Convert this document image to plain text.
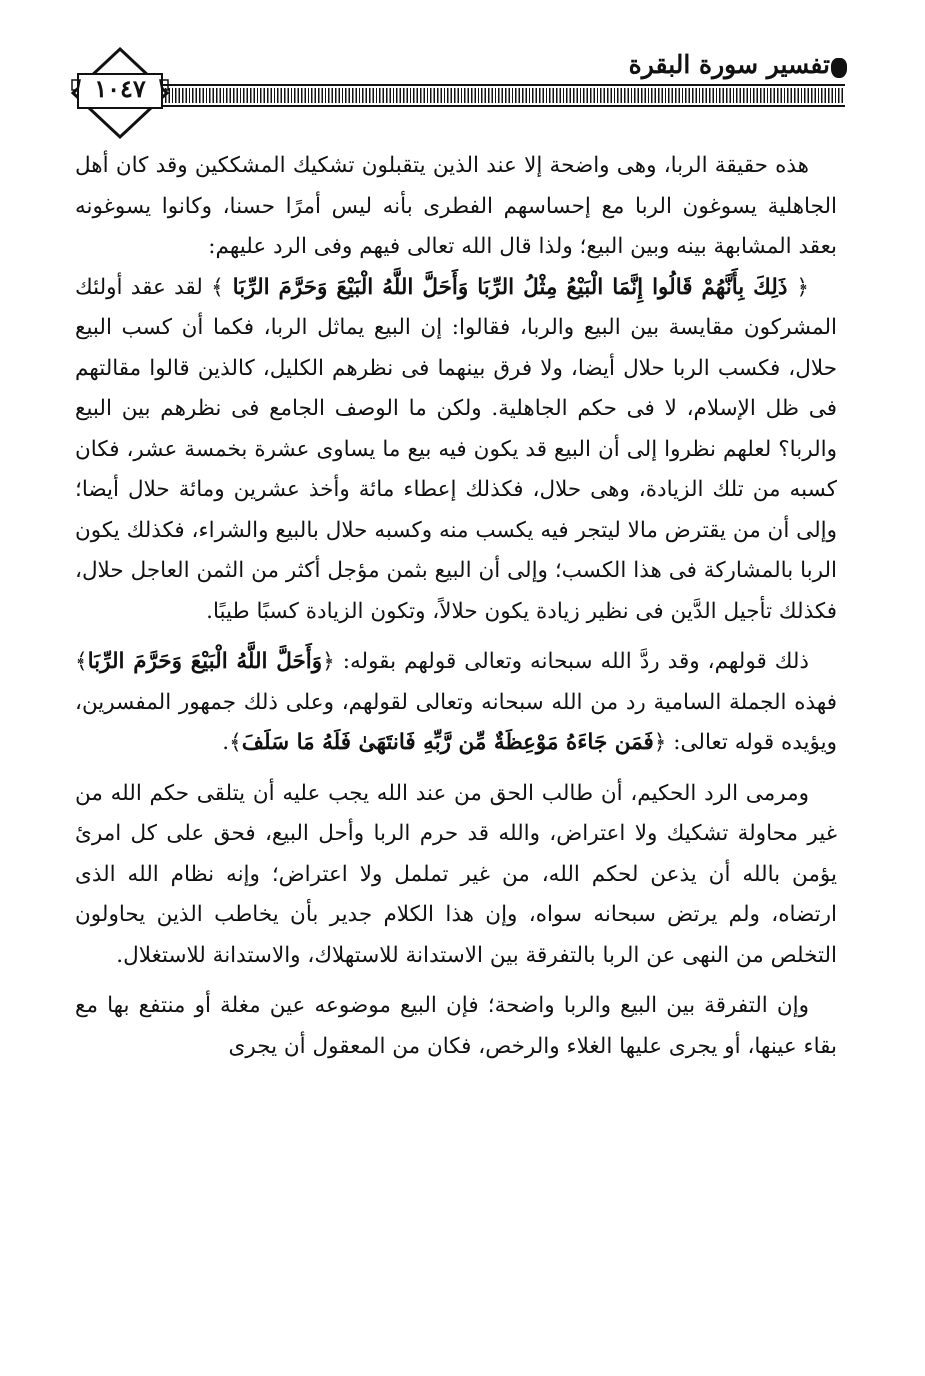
تفسير سورة البقرة
١٠٤٧

هذه حقيقة الربا، وهى واضحة إلا عند الذين يتقبلون تشكيك المشككين وقد كان أهل الجاهلية يسوغون الربا مع إحساسهم الفطرى بأنه ليس أمرًا حسنا، وكانوا يسوغونه بعقد المشابهة بينه وبين البيع؛ ولذا قال الله تعالى فيهم وفى الرد عليهم:

﴿ ذَلِكَ بِأَنَّهُمْ قَالُوا إِنَّمَا الْبَيْعُ مِثْلُ الرِّبَا وَأَحَلَّ اللَّهُ الْبَيْعَ وَحَرَّمَ الرِّبَا ﴾ لقد عقد أولئك المشركون مقايسة بين البيع والربا، فقالوا: إن البيع يماثل الربا، فكما أن كسب البيع حلال، فكسب الربا حلال أيضا، ولا فرق بينهما فى نظرهم الكليل، كالذين قالوا مقالتهم فى ظل الإسلام، لا فى حكم الجاهلية. ولكن ما الوصف الجامع فى نظرهم بين البيع والربا؟ لعلهم نظروا إلى أن البيع قد يكون فيه بيع ما يساوى عشرة بخمسة عشر، فكان كسبه من تلك الزيادة، وهى حلال، فكذلك إعطاء مائة وأخذ عشرين ومائة حلال أيضا؛ وإلى أن من يقترض مالا ليتجر فيه يكسب منه وكسبه حلال بالبيع والشراء، فكذلك يكون الربا بالمشاركة فى هذا الكسب؛ وإلى أن البيع بثمن مؤجل أكثر من الثمن العاجل حلال، فكذلك تأجيل الدَّين فى نظير زيادة يكون حلالاً، وتكون الزيادة كسبًا طيبًا.

ذلك قولهم، وقد ردَّ الله سبحانه وتعالى قولهم بقوله: ﴿وَأَحَلَّ اللَّهُ الْبَيْعَ وَحَرَّمَ الرِّبَا﴾ فهذه الجملة السامية رد من الله سبحانه وتعالى لقولهم، وعلى ذلك جمهور المفسرين، ويؤيده قوله تعالى: ﴿فَمَن جَاءَهُ مَوْعِظَةٌ مِّن رَّبِّهِ فَانتَهَىٰ فَلَهُ مَا سَلَفَ﴾.

ومرمى الرد الحكيم، أن طالب الحق من عند الله يجب عليه أن يتلقى حكم الله من غير محاولة تشكيك ولا اعتراض، والله قد حرم الربا وأحل البيع، فحق على كل امرئ يؤمن بالله أن يذعن لحكم الله، من غير تململ ولا اعتراض؛ وإنه نظام الله الذى ارتضاه، ولم يرتض سبحانه سواه، وإن هذا الكلام جدير بأن يخاطب الذين يحاولون التخلص من النهى عن الربا بالتفرقة بين الاستدانة للاستهلاك، والاستدانة للاستغلال.

وإن التفرقة بين البيع والربا واضحة؛ فإن البيع موضوعه عين مغلة أو منتفع بها مع بقاء عينها، أو يجرى عليها الغلاء والرخص، فكان من المعقول أن يجرى
